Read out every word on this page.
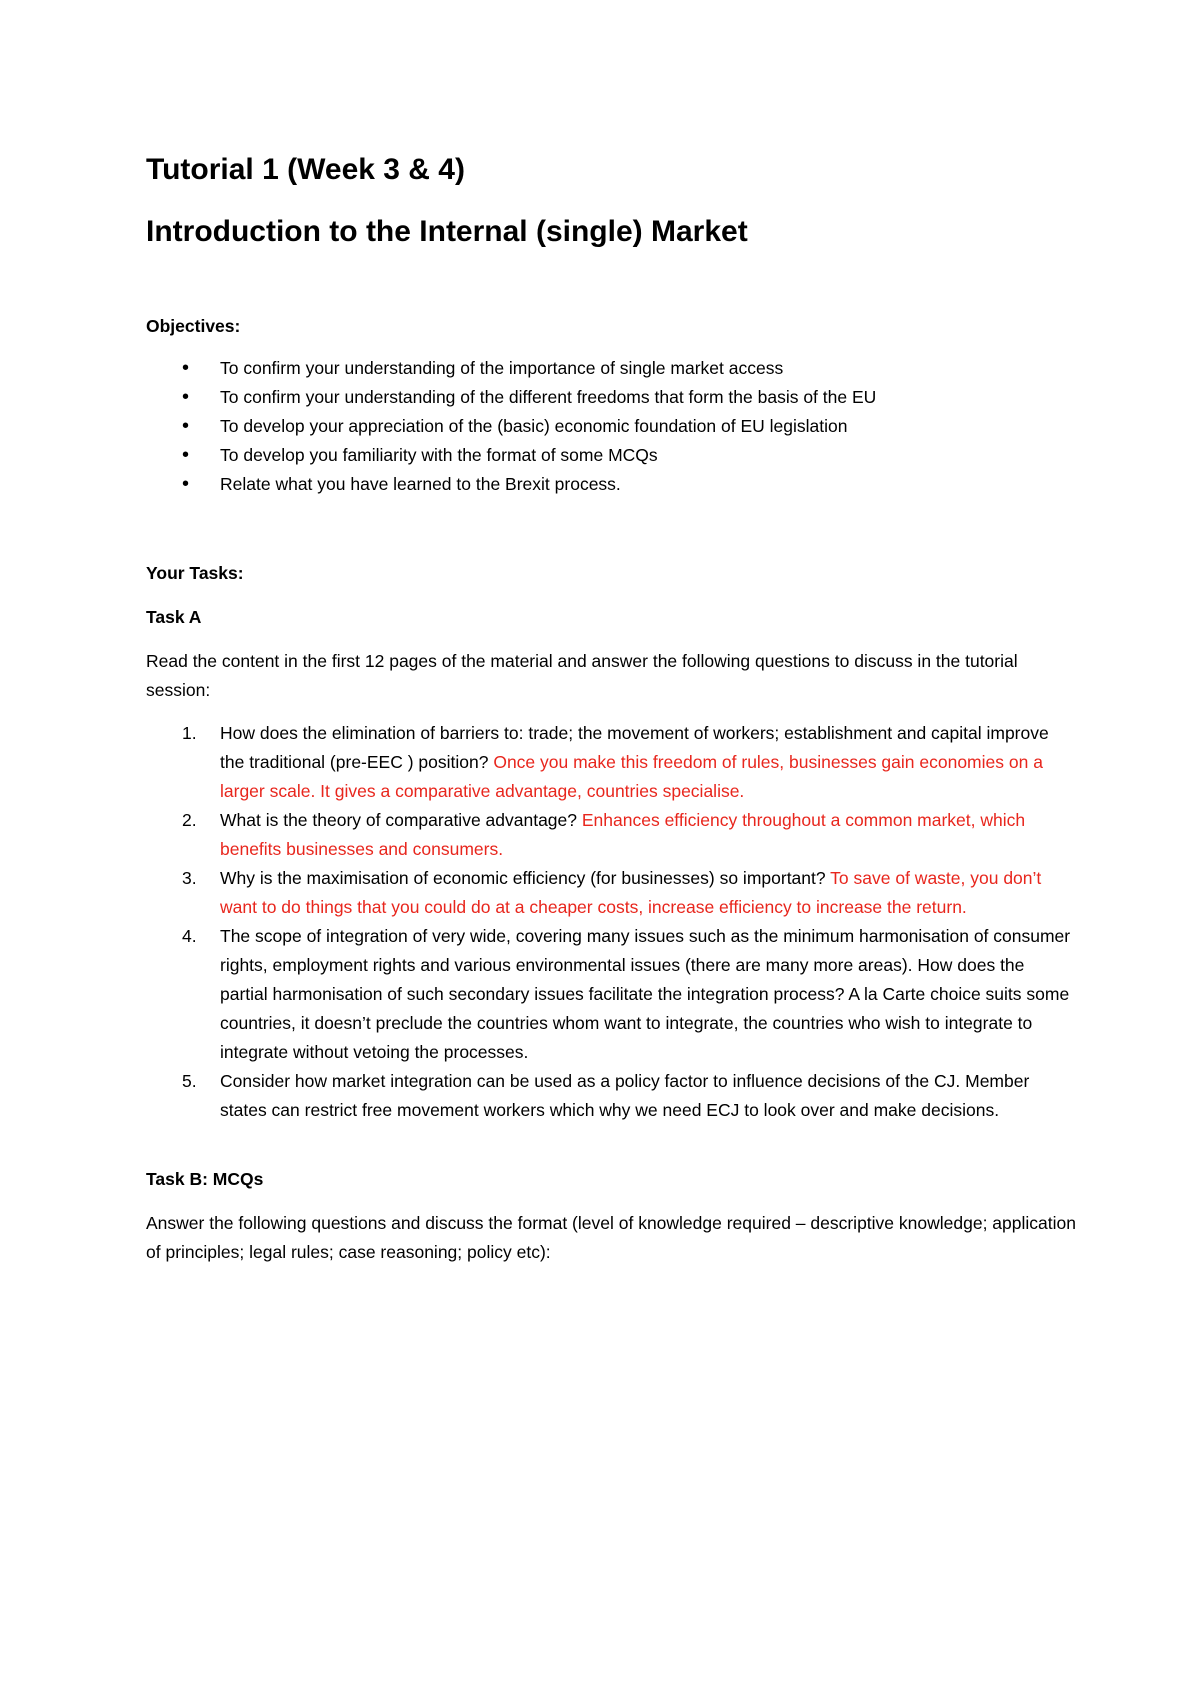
Tutorial 1 (Week 3 & 4)
Introduction to the Internal (single) Market

Objectives:

• To confirm your understanding of the importance of single market access
• To confirm your understanding of the different freedoms that form the basis of the EU
• To develop your appreciation of the (basic) economic foundation of EU legislation
• To develop you familiarity with the format of some MCQs
• Relate what you have learned to the Brexit process.

Your Tasks:

Task A

Read the content in the first 12 pages of the material and answer the following questions to discuss in the tutorial session:

1. How does the elimination of barriers to: trade; the movement of workers; establishment and capital improve the traditional (pre-EEC ) position? Once you make this freedom of rules, businesses gain economies on a larger scale. It gives a comparative advantage, countries specialise.
2. What is the theory of comparative advantage? Enhances efficiency throughout a common market, which benefits businesses and consumers.
3. Why is the maximisation of economic efficiency (for businesses) so important? To save of waste, you don’t want to do things that you could do at a cheaper costs, increase efficiency to increase the return.
4. The scope of integration of very wide, covering many issues such as the minimum harmonisation of consumer rights, employment rights and various environmental issues (there are many more areas). How does the partial harmonisation of such secondary issues facilitate the integration process? A la Carte choice suits some countries, it doesn’t preclude the countries whom want to integrate, the countries who wish to integrate to integrate without vetoing the processes.
5. Consider how market integration can be used as a policy factor to influence decisions of the CJ. Member states can restrict free movement workers which why we need ECJ to look over and make decisions.

Task B: MCQs

Answer the following questions and discuss the format (level of knowledge required – descriptive knowledge; application of principles; legal rules; case reasoning; policy etc):
